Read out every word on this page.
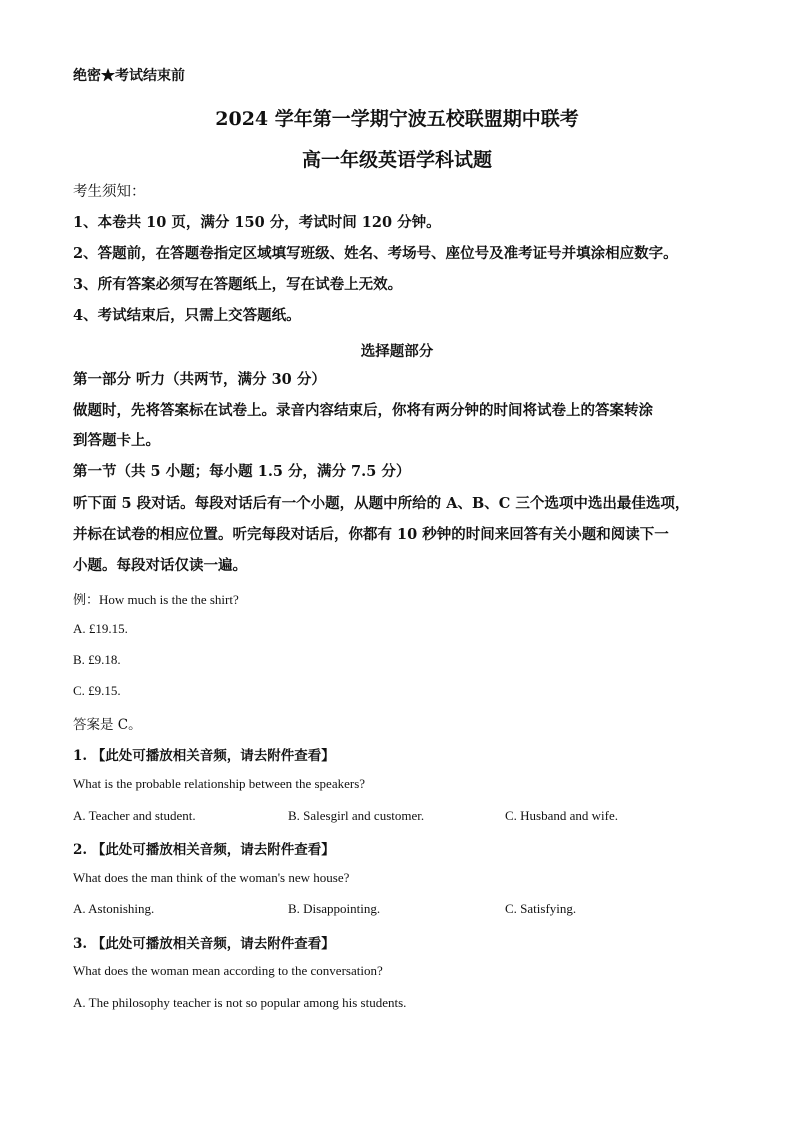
绝密★考试结束前
2024 学年第一学期宁波五校联盟期中联考
高一年级英语学科试题
考生须知：
1、本卷共 10 页，满分 150 分，考试时间 120 分钟。
2、答题前，在答题卷指定区域填写班级、姓名、考场号、座位号及准考证号并填涂相应数字。
3、所有答案必须写在答题纸上，写在试卷上无效。
4、考试结束后，只需上交答题纸。
选择题部分
第一部分 听力（共两节，满分 30 分）
做题时，先将答案标在试卷上。录音内容结束后，你将有两分钟的时间将试卷上的答案转涂
到答题卡上。
第一节（共 5 小题；每小题 1.5 分，满分 7.5 分）
听下面 5 段对话。每段对话后有一个小题，从题中所给的 A、B、C 三个选项中选出最佳选项，
并标在试卷的相应位置。听完每段对话后，你都有 10 秒钟的时间来回答有关小题和阅读下一
小题。每段对话仅读一遍。
例：How much is the the shirt?
A. £19.15.
B. £9.18.
C. £9.15.
答案是 C。
1. 【此处可播放相关音频，请去附件查看】
What is the probable relationship between the speakers?
A. Teacher and student.	B. Salesgirl and customer.	C. Husband and wife.
2. 【此处可播放相关音频，请去附件查看】
What does the man think of the woman's new house?
A. Astonishing.	B. Disappointing.	C. Satisfying.
3. 【此处可播放相关音频，请去附件查看】
What does the woman mean according to the conversation?
A. The philosophy teacher is not so popular among his students.
